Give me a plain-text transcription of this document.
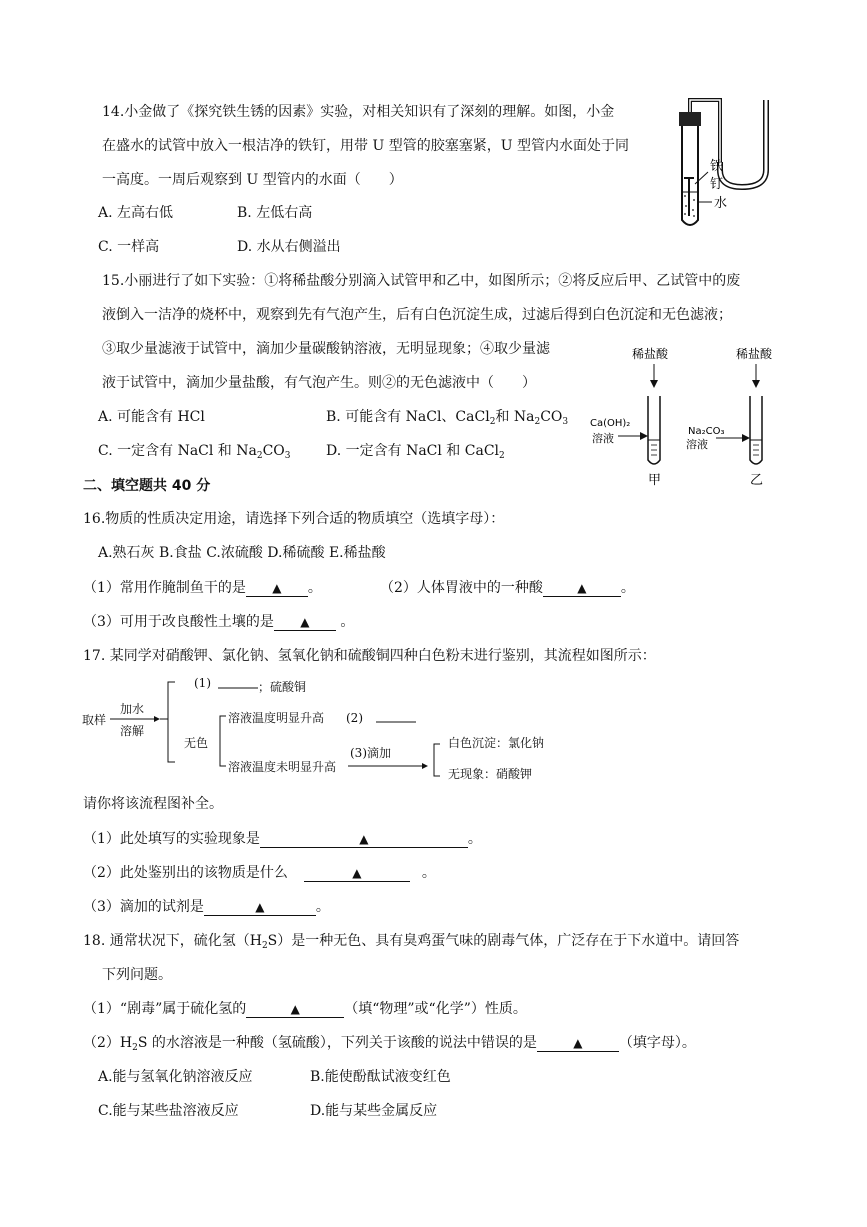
14.小金做了《探究铁生锈的因素》实验，对相关知识有了深刻的理解。如图，小金
在盛水的试管中放入一根洁净的铁钉，用带 U 型管的胶塞塞紧，U 型管内水面处于同
一高度。一周后观察到 U 型管内的水面（　　）
A. 左高右低	B. 左低右高
C. 一样高	D. 水从右侧溢出
铁
钉
水
15.小丽进行了如下实验：①将稀盐酸分别滴入试管甲和乙中，如图所示；②将反应后甲、乙试管中的废
液倒入一洁净的烧杯中，观察到先有气泡产生，后有白色沉淀生成，过滤后得到白色沉淀和无色滤液；
③取少量滤液于试管中，滴加少量碳酸钠溶液，无明显现象；④取少量滤
液于试管中，滴加少量盐酸，有气泡产生。则②的无色滤液中（　　）
A. 可能含有 HCl	B. 可能含有 NaCl、CaCl$_2$和 $Na_2CO_3$
C. 一定含有 NaCl 和 $Na_2CO_3$	D. 一定含有 NaCl 和 CaCl$_2$
稀盐酸	稀盐酸
Ca(OH)₂
溶液
Na₂CO₃
溶液
甲	乙
二、填空题共 40 分
16.物质的性质决定用途，请选择下列合适的物质填空（选填字母）：
A.熟石灰 B.食盐 C.浓硫酸 D.稀硫酸 E.稀盐酸
（1）常用作腌制鱼干的是 ▲ 。	（2）人体胃液中的一种酸	▲ 。
（3）可用于改良酸性土壤的是 ▲ 。
17. 某同学对硝酸钾、氯化钠、氢氧化钠和硫酸铜四种白色粉末进行鉴别，其流程如图所示：
取样
加水
溶解
(1)	；硫酸铜
无色
溶液温度明显升高 (2)
溶液温度未明显升高
(3)滴加
白色沉淀：氯化钠
无现象：硝酸钾
请你将该流程图补全。
（1）此处填写的实验现象是	▲	。
（2）此处鉴别出的该物质是什么	▲	。
（3）滴加的试剂是	▲	。
18. 通常状况下，硫化氢$(H_2S)$是一种无色、具有臭鸡蛋气味的剧毒气体，广泛存在于下水道中。请回答
下列问题。
（1）“剧毒”属于硫化氢的	▲	（填“物理”或“化学”）性质。
$(2)H_2S$ 的水溶液是一种酸（氢硫酸），下列关于该酸的说法中错误的是	▲	（填字母）。
A.能与氢氧化钠溶液反应	B.能使酚酞试液变红色
C.能与某些盐溶液反应	D.能与某些金属反应
